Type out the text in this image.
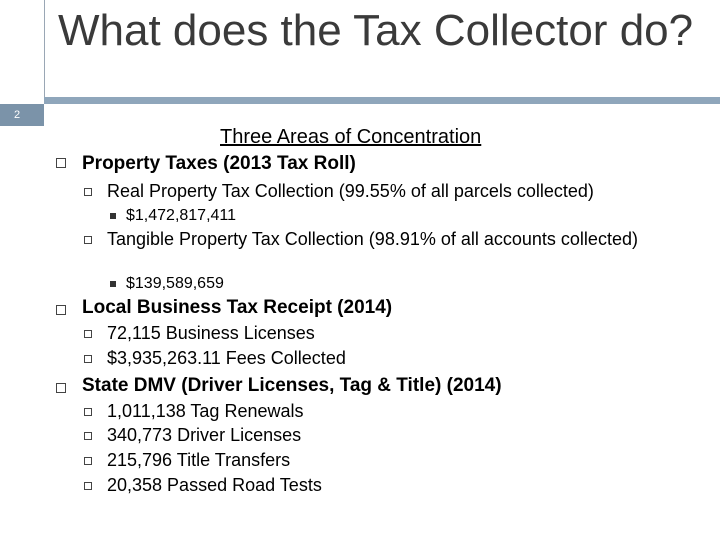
2
What does the Tax Collector do?
Three Areas of Concentration
Property Taxes (2013 Tax Roll)
Real Property Tax Collection (99.55% of all parcels collected)
$1,472,817,411
Tangible Property Tax Collection (98.91% of all accounts collected)
$139,589,659
Local Business Tax Receipt (2014)
72,115 Business Licenses
$3,935,263.11 Fees Collected
State DMV (Driver Licenses, Tag & Title) (2014)
1,011,138 Tag Renewals
340,773 Driver Licenses
215,796 Title Transfers
20,358 Passed Road Tests
